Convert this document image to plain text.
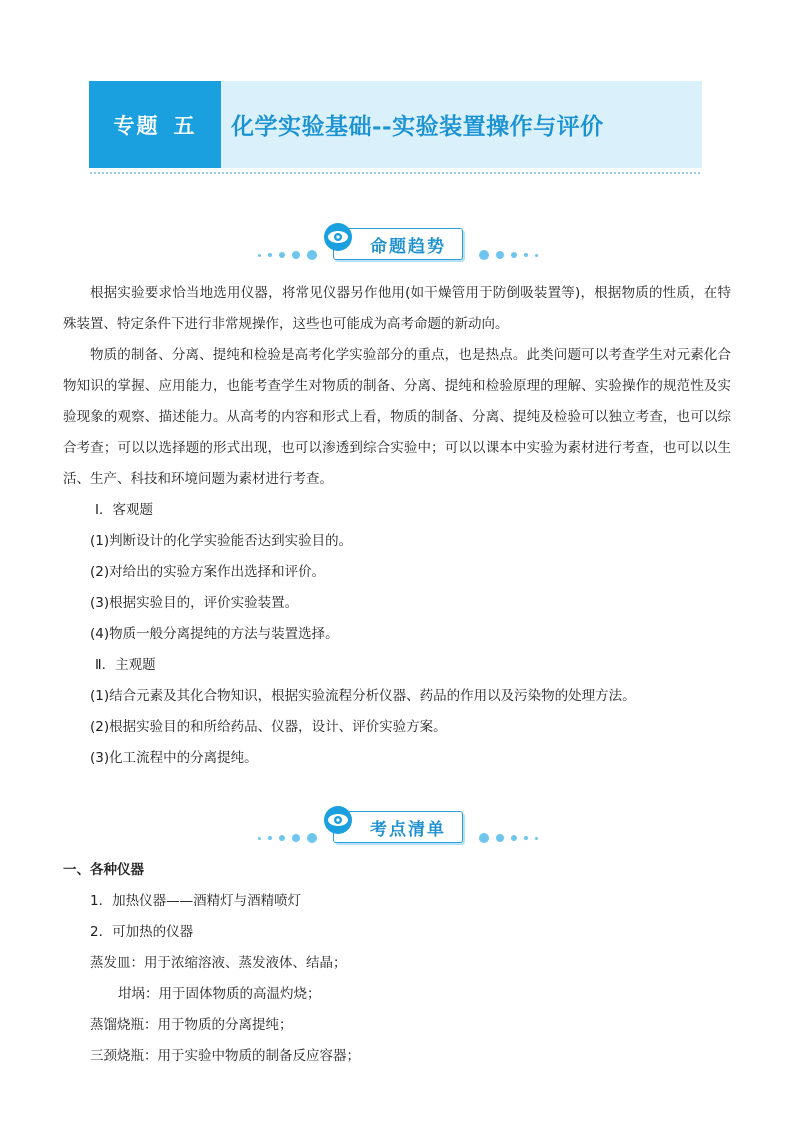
专题 五	化学实验基础--实验装置操作与评价
命题趋势

根据实验要求恰当地选用仪器，将常见仪器另作他用(如干燥管用于防倒吸装置等)，根据物质的性质，在特殊装置、特定条件下进行非常规操作，这些也可能成为高考命题的新动向。

物质的制备、分离、提纯和检验是高考化学实验部分的重点，也是热点。此类问题可以考查学生对元素化合物知识的掌握、应用能力，也能考查学生对物质的制备、分离、提纯和检验原理的理解、实验操作的规范性及实验现象的观察、描述能力。从高考的内容和形式上看，物质的制备、分离、提纯及检验可以独立考查，也可以综合考查；可以以选择题的形式出现，也可以渗透到综合实验中；可以以课本中实验为素材进行考查，也可以以生活、生产、科技和环境问题为素材进行考查。

Ⅰ．客观题

(1)判断设计的化学实验能否达到实验目的。

(2)对给出的实验方案作出选择和评价。

(3)根据实验目的，评价实验装置。

(4)物质一般分离提纯的方法与装置选择。

Ⅱ．主观题

(1)结合元素及其化合物知识，根据实验流程分析仪器、药品的作用以及污染物的处理方法。

(2)根据实验目的和所给药品、仪器，设计、评价实验方案。

(3)化工流程中的分离提纯。

考点清单

一、各种仪器

1．加热仪器——酒精灯与酒精喷灯

2．可加热的仪器

蒸发皿：用于浓缩溶液、蒸发液体、结晶；

坩埚：用于固体物质的高温灼烧；

蒸馏烧瓶：用于物质的分离提纯；

三颈烧瓶：用于实验中物质的制备反应容器；
